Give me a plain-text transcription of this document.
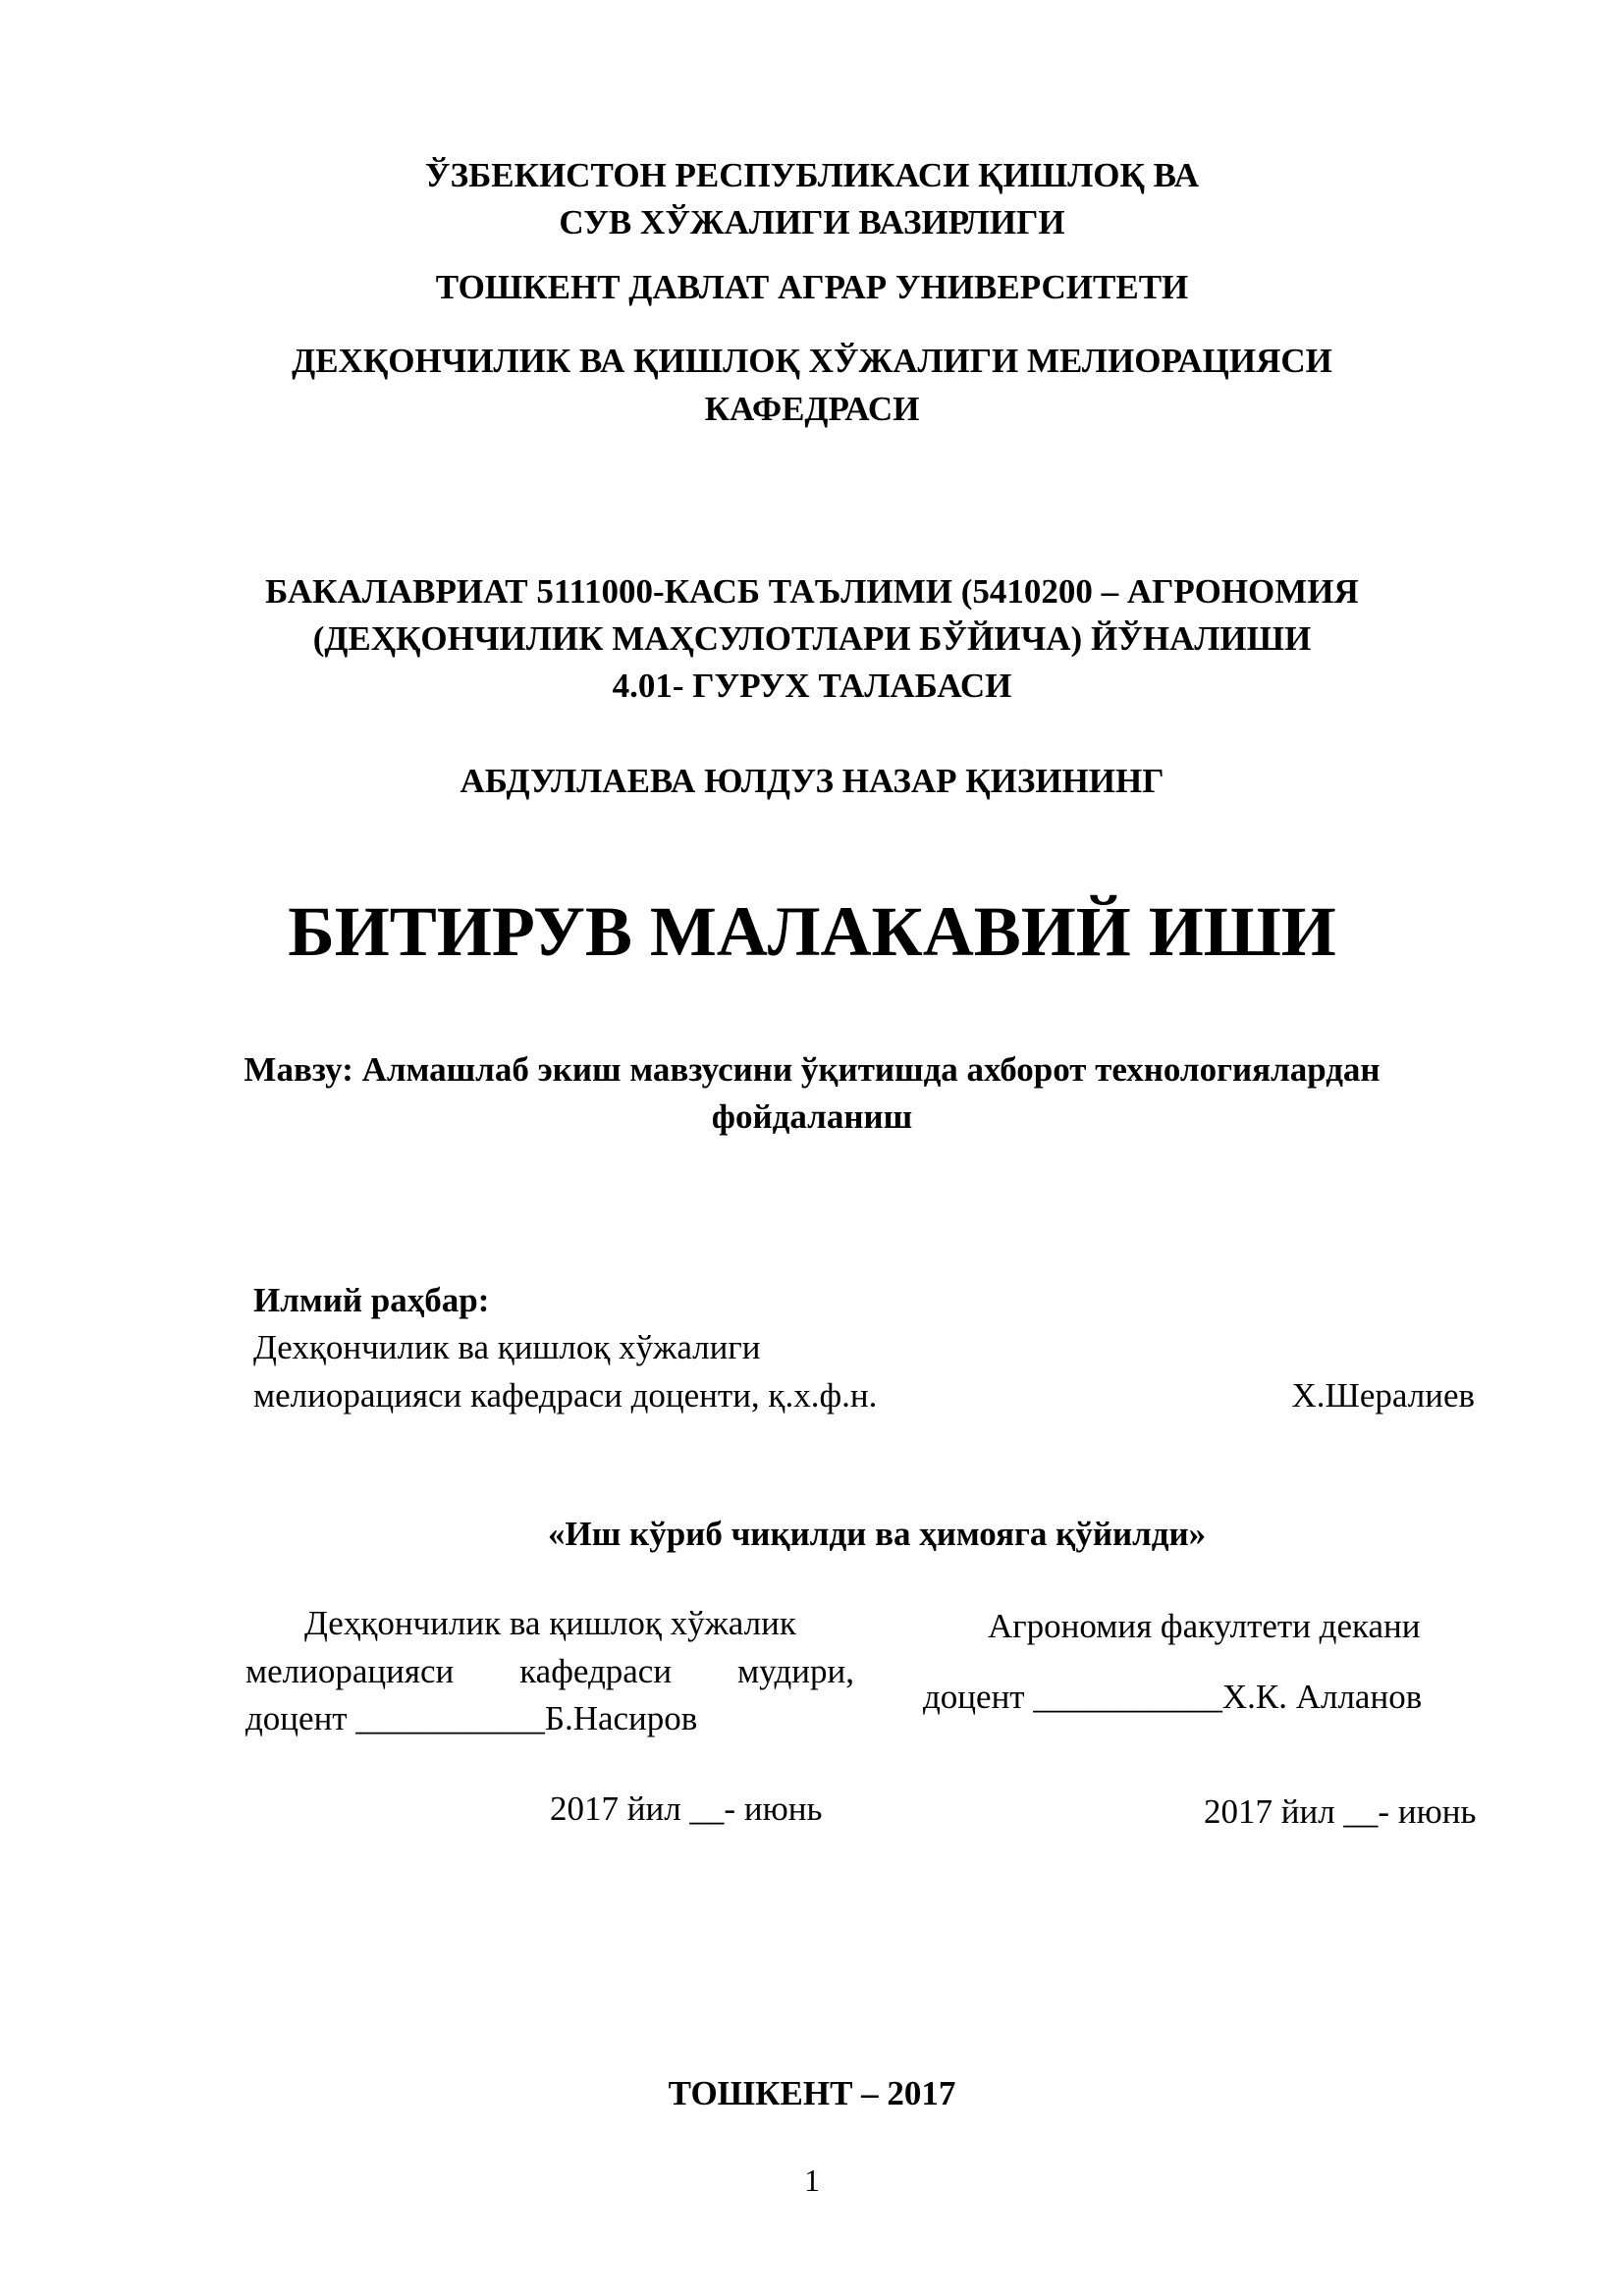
ЎЗБЕКИСТОН РЕСПУБЛИКАСИ ҚИШЛОҚ ВА
СУВ ХЎЖАЛИГИ ВАЗИРЛИГИ
ТОШКЕНТ ДАВЛАТ АГРАР УНИВЕРСИТЕТИ
ДЕХҚОНЧИЛИК ВА ҚИШЛОҚ ХЎЖАЛИГИ МЕЛИОРАЦИЯСИ
КАФЕДРАСИ
БАКАЛАВРИАТ 5111000-КАСБ ТАЪЛИМИ (5410200 – АГРОНОМИЯ
(ДЕҲҚОНЧИЛИК МАҲСУЛОТЛАРИ БЎЙИЧА) ЙЎНАЛИШИ
4.01- ГУРУХ ТАЛАБАСИ
АБДУЛЛАЕВА ЮЛДУЗ НАЗАР ҚИЗИНИНГ
БИТИРУВ МАЛАКАВИЙ ИШИ
Мавзу: Алмашлаб экиш мавзусини ўқитишда ахборот технологиялардан
фойдаланиш
Илмий раҳбар:
Дехқончилик ва қишлоқ хўжалиги
мелиорацияси кафедраси доценти, қ.х.ф.н.	Х.Шералиев
«Иш кўриб чиқилди ва ҳимояга қўйилди»
Деҳқончилик ва қишлоқ хўжалик
мелиорацияси кафедраси мудири,
доцент ___________Б.Насиров
2017 йил __- июнь
Агрономия факултети декани
доцент ___________Х.К. Алланов
2017 йил __- июнь
ТОШКЕНТ – 2017
1
